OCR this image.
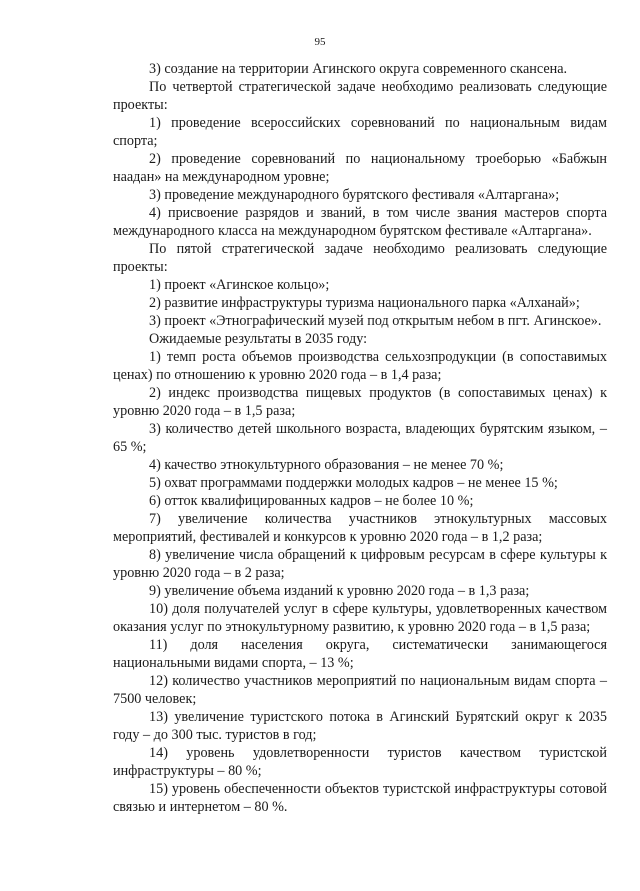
95

3) создание на территории Агинского округа современного скансена.

По четвертой стратегической задаче необходимо реализовать следующие проекты:

1) проведение всероссийских соревнований по национальным видам спорта;

2) проведение соревнований по национальному троеборью «Бабжын наадан» на международном уровне;

3) проведение международного бурятского фестиваля «Алтаргана»;

4) присвоение разрядов и званий, в том числе звания мастеров спорта международного класса на международном бурятском фестивале «Алтаргана».

По пятой стратегической задаче необходимо реализовать следующие проекты:

1) проект «Агинское кольцо»;

2) развитие инфраструктуры туризма национального парка «Алханай»;

3) проект «Этнографический музей под открытым небом в пгт. Агинское».

Ожидаемые результаты в 2035 году:

1) темп роста объемов производства сельхозпродукции (в сопоставимых ценах) по отношению к уровню 2020 года – в 1,4 раза;

2) индекс производства пищевых продуктов (в сопоставимых ценах) к уровню 2020 года – в 1,5 раза;

3) количество детей школьного возраста, владеющих бурятским языком, – 65 %;

4) качество этнокультурного образования – не менее 70 %;

5) охват программами поддержки молодых кадров – не менее 15 %;

6) отток квалифицированных кадров – не более 10 %;

7) увеличение количества участников этнокультурных массовых мероприятий, фестивалей и конкурсов к уровню 2020 года – в 1,2 раза;

8) увеличение числа обращений к цифровым ресурсам в сфере культуры к уровню 2020 года – в 2 раза;

9) увеличение объема изданий к уровню 2020 года – в 1,3 раза;

10) доля получателей услуг в сфере культуры, удовлетворенных качеством оказания услуг по этнокультурному развитию, к уровню 2020 года – в 1,5 раза;

11) доля населения округа, систематически занимающегося национальными видами спорта, – 13 %;

12) количество участников мероприятий по национальным видам спорта – 7500 человек;

13) увеличение туристского потока в Агинский Бурятский округ к 2035 году – до 300 тыс. туристов в год;

14) уровень удовлетворенности туристов качеством туристской инфраструктуры – 80 %;

15) уровень обеспеченности объектов туристской инфраструктуры сотовой связью и интернетом – 80 %.
